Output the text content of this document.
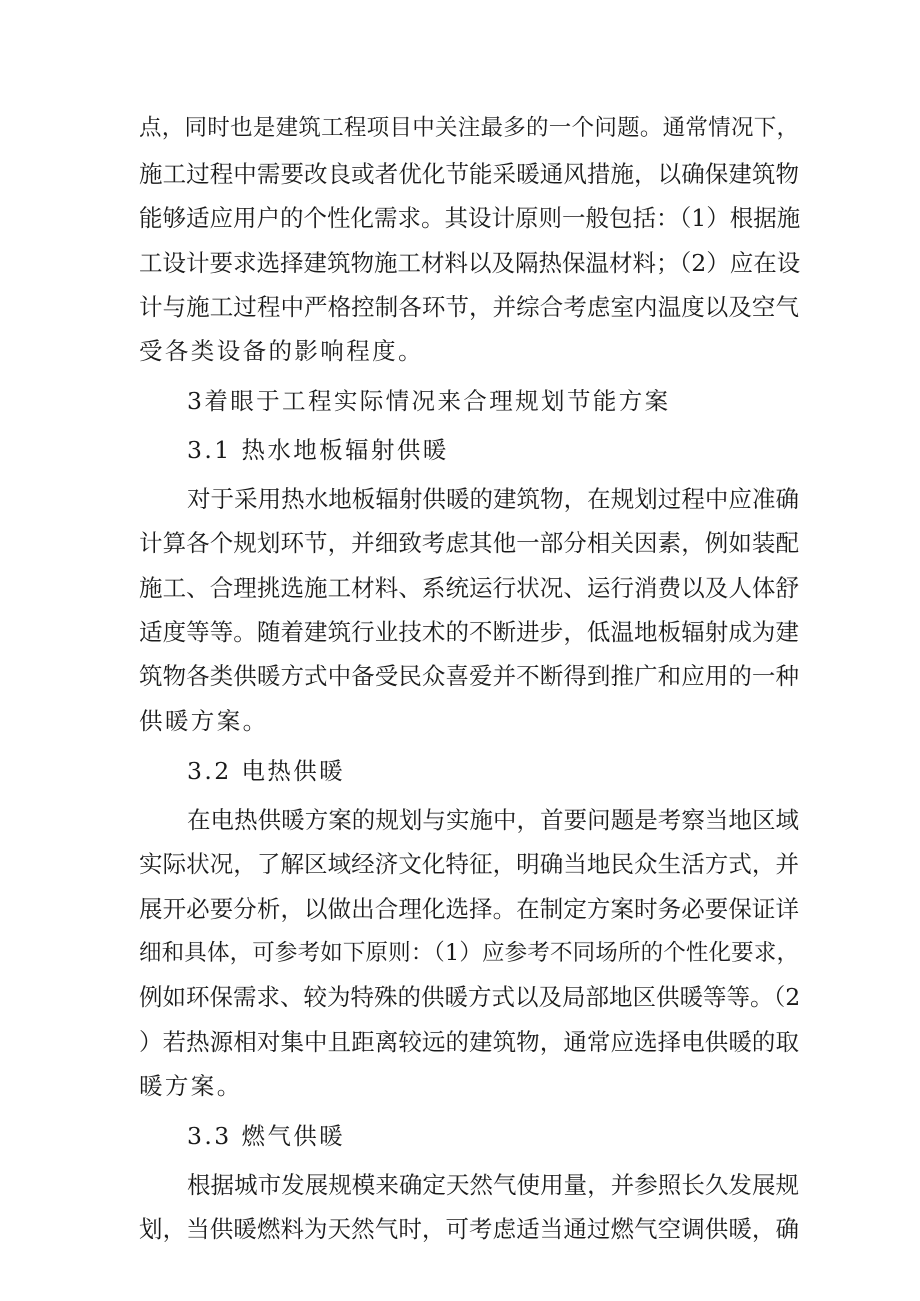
点，同时也是建筑工程项目中关注最多的一个问题。通常情况下，
施工过程中需要改良或者优化节能采暖通风措施，以确保建筑物
能够适应用户的个性化需求。其设计原则一般包括：（1）根据施
工设计要求选择建筑物施工材料以及隔热保温材料；（2）应在设
计与施工过程中严格控制各环节，并综合考虑室内温度以及空气
受各类设备的影响程度。
3着眼于工程实际情况来合理规划节能方案
3.1 热水地板辐射供暖
对于采用热水地板辐射供暖的建筑物，在规划过程中应准确
计算各个规划环节，并细致考虑其他一部分相关因素，例如装配
施工、合理挑选施工材料、系统运行状况、运行消费以及人体舒
适度等等。随着建筑行业技术的不断进步，低温地板辐射成为建
筑物各类供暖方式中备受民众喜爱并不断得到推广和应用的一种
供暖方案。
3.2 电热供暖
在电热供暖方案的规划与实施中，首要问题是考察当地区域
实际状况，了解区域经济文化特征，明确当地民众生活方式，并
展开必要分析，以做出合理化选择。在制定方案时务必要保证详
细和具体，可参考如下原则：（1）应参考不同场所的个性化要求，
例如环保需求、较为特殊的供暖方式以及局部地区供暖等等。（2
）若热源相对集中且距离较远的建筑物，通常应选择电供暖的取
暖方案。
3.3 燃气供暖
根据城市发展规模来确定天然气使用量，并参照长久发展规
划，当供暖燃料为天然气时，可考虑适当通过燃气空调供暖，确
